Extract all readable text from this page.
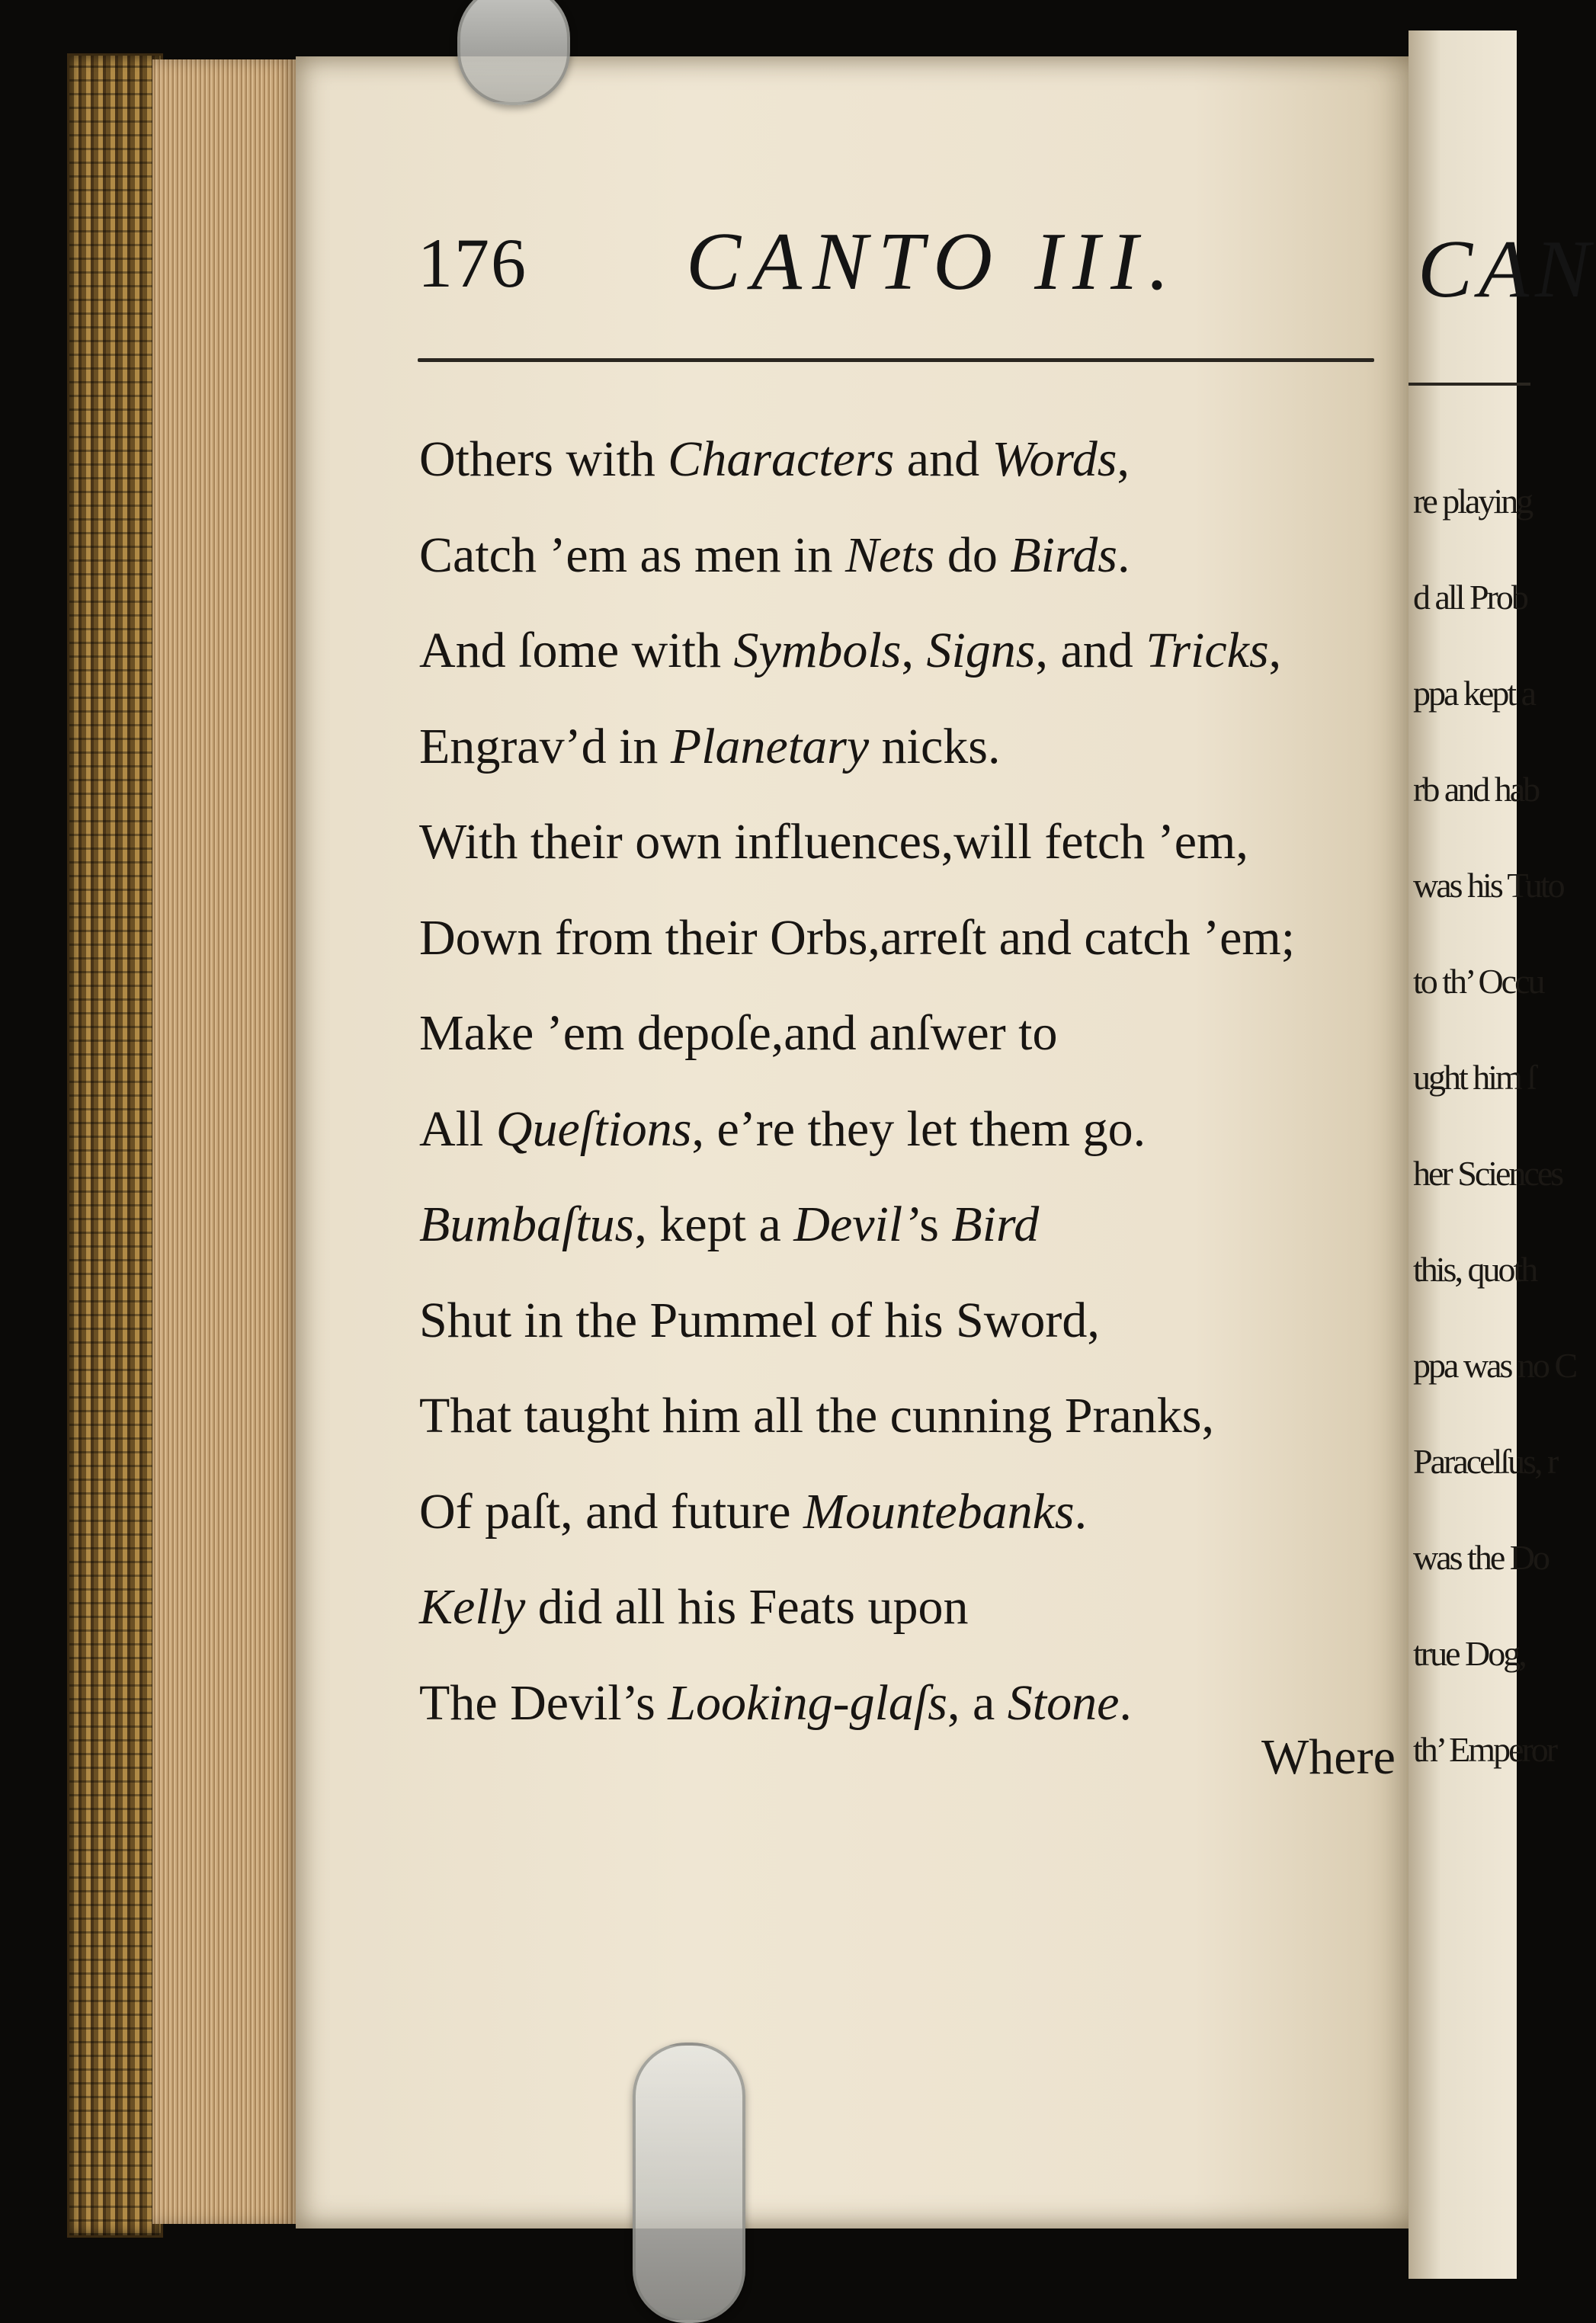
176 CANTO III.
Others with Characters and Words,
Catch ’em as men in Nets do Birds.
And ſome with Symbols, Signs, and Tricks,
Engrav’d in Planetary nicks.
With their own influences,will fetch ’em,
Down from their Orbs,arreſt and catch ’em;
Make ’em depoſe,and anſwer to
All Queſtions, e’re they let them go.
Bumbaſtus, kept a Devil’s Bird
Shut in the Pummel of his Sword,
That taught him all the cunning Pranks,
Of paſt, and future Mountebanks.
Kelly did all his Feats upon
The Devil’s Looking-glaſs, a Stone.
Where
CAN
re playing
d all Prob
ppa kept a
rb and hab
was his Tuto
to th’ Occu
ught him ſ
her Sciences
this, quoth
ppa was no C
Paracelſus, r
was the Do
true Dog,
th’ Emperor
